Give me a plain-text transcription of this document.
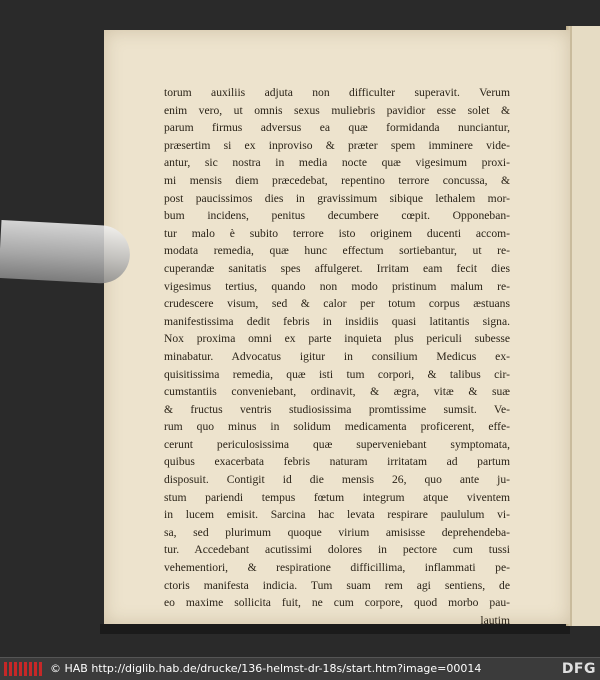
torum auxiliis adjuta non difficulter superavit. Verum
enim vero, ut omnis sexus muliebris pavidior esse solet &
parum firmus adversus ea quæ formidanda nunciantur,
præsertim si ex inproviso & præter spem imminere vide-
antur, sic nostra in media nocte quæ vigesimum proxi-
mi mensis diem præcedebat, repentino terrore concussa, &
post paucissimos dies in gravissimum sibique lethalem mor-
bum incidens, penitus decumbere cœpit. Opponeban-
tur malo è subito terrore isto originem ducenti accom-
modata remedia, quæ hunc effectum sortiebantur, ut re-
cuperandæ sanitatis spes affulgeret. Irritam eam fecit dies
vigesimus tertius, quando non modo pristinum malum re-
crudescere visum, sed & calor per totum corpus æstuans
manifestissima dedit febris in insidiis quasi latitantis signa.
Nox proxima omni ex parte inquieta plus periculi subesse
minabatur. Advocatus igitur in consilium Medicus ex-
quisitissima remedia, quæ isti tum corpori, & talibus cir-
cumstantiis conveniebant, ordinavit, & ægra, vitæ & suæ
& fructus ventris studiosissima promtissime sumsit. Ve-
rum quo minus in solidum medicamenta proficerent, effe-
cerunt periculosissima quæ superveniebant symptomata,
quibus exacerbata febris naturam irritatam ad partum
disposuit. Contigit id die mensis 26, quo ante ju-
stum pariendi tempus fœtum integrum atque viventem
in lucem emisit. Sarcina hac levata respirare paululum vi-
sa, sed plurimum quoque virium amisisse deprehendeba-
tur. Accedebant acutissimi dolores in pectore cum tussi
vehementiori, & respiratione difficillima, inflammati pe-
ctoris manifesta indicia. Tum suam rem agi sentiens, de
eo maxime sollicita fuit, ne cum corpore, quod morbo pau-
lautim
© HAB http://diglib.hab.de/drucke/136-helmst-dr-18s/start.htm?image=00014	DFG
